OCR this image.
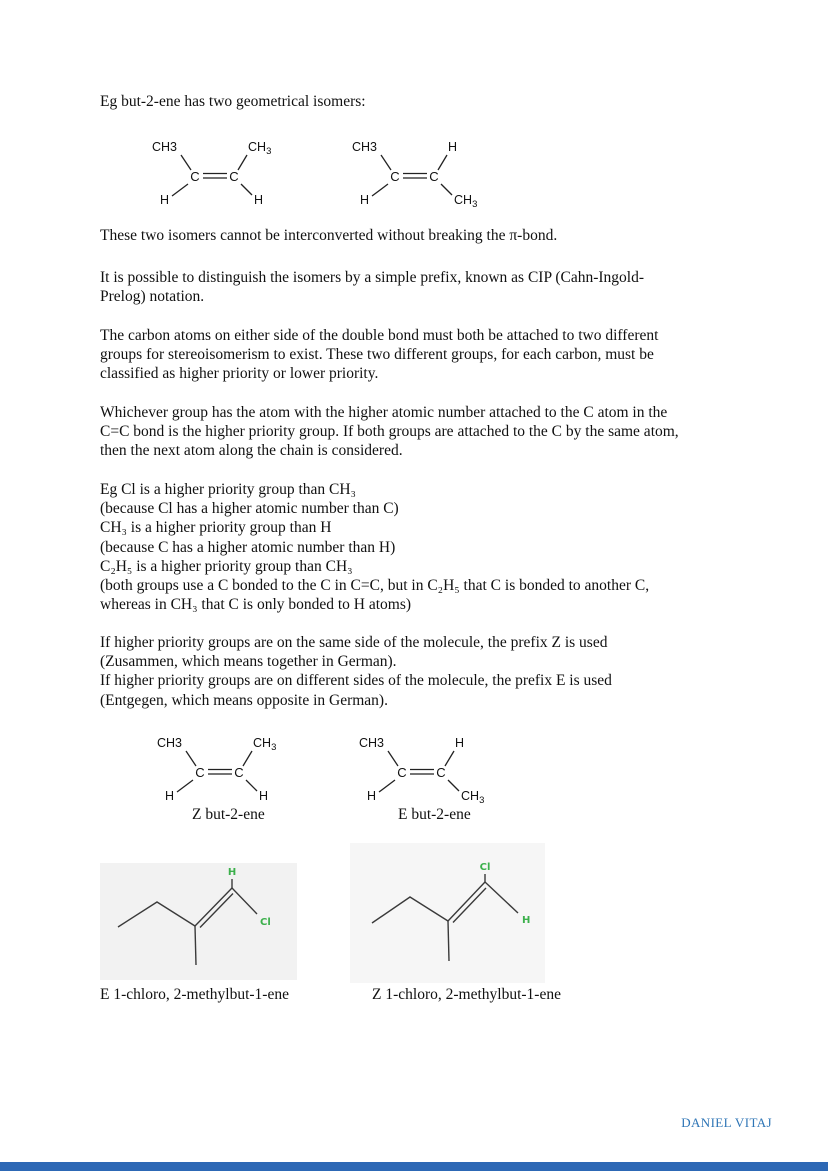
Eg but-2-ene has two geometrical isomers:
C C
CH3	$CH_3$
H	H
C C
CH3	H
H	$CH_3$
These two isomers cannot be interconverted without breaking the π-bond.
It is possible to distinguish the isomers by a simple prefix, known as CIP (Cahn-Ingold-
Prelog) notation.
The carbon atoms on either side of the double bond must both be attached to two different
groups for stereoisomerism to exist. These two different groups, for each carbon, must be
classified as higher priority or lower priority.
Whichever group has the atom with the higher atomic number attached to the C atom in the
C=C bond is the higher priority group. If both groups are attached to the C by the same atom,
then the next atom along the chain is considered.
Eg Cl is a higher priority group than CH₃
(because Cl has a higher atomic number than C)
CH₃ is a higher priority group than H
(because C has a higher atomic number than H)
C₂H₅ is a higher priority group than CH₃
(both groups use a C bonded to the C in C=C, but in C₂H₅ that C is bonded to another C,
whereas in CH₃ that C is only bonded to H atoms)
If higher priority groups are on the same side of the molecule, the prefix Z is used
(Zusammen, which means together in German).
If higher priority groups are on different sides of the molecule, the prefix E is used
(Entgegen, which means opposite in German).
C C
CH3	$CH_3$
H	H
C C
CH3	H
H	$CH_3$
Z but-2-ene	E but-2-ene
H
Cl
Cl
H
E 1-chloro, 2-methylbut-1-ene	Z 1-chloro, 2-methylbut-1-ene
DANIEL VITAJ
